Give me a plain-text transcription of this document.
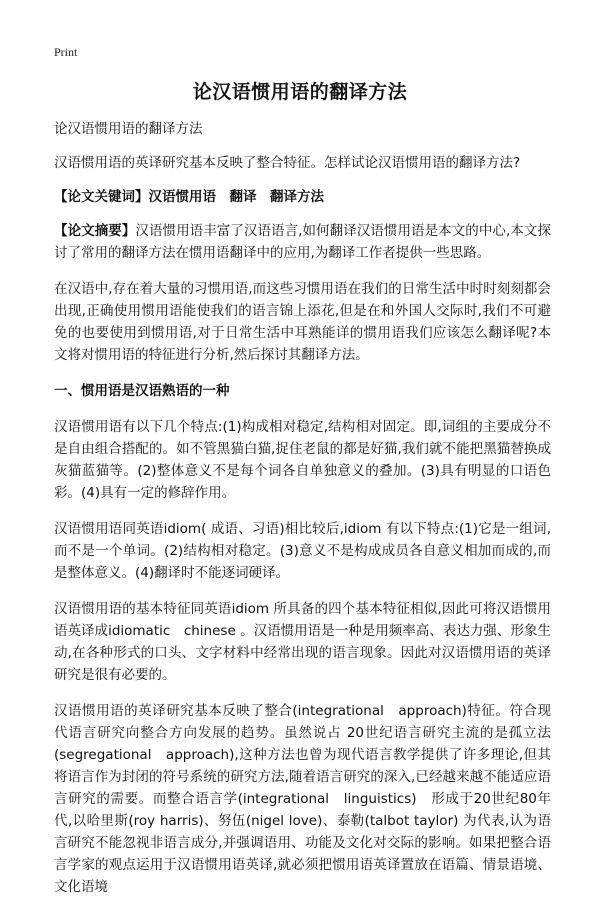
Print
论汉语惯用语的翻译方法

论汉语惯用语的翻译方法

汉语惯用语的英译研究基本反映了整合特征。怎样试论汉语惯用语的翻译方法?

【论文关键词】汉语惯用语　翻译　翻译方法

【论文摘要】汉语惯用语丰富了汉语语言,如何翻译汉语惯用语是本文的中心,本文探讨了常用的翻译方法在惯用语翻译中的应用,为翻译工作者提供一些思路。

在汉语中,存在着大量的习惯用语,而这些习惯用语在我们的日常生活中时时刻刻都会出现,正确使用惯用语能使我们的语言锦上添花,但是在和外国人交际时,我们不可避免的也要使用到惯用语,对于日常生活中耳熟能详的惯用语我们应该怎么翻译呢?本文将对惯用语的特征进行分析,然后探讨其翻译方法。

一、惯用语是汉语熟语的一种

汉语惯用语有以下几个特点:(1)构成相对稳定,结构相对固定。即,词组的主要成分不是自由组合搭配的。如不管黑猫白猫,捉住老鼠的都是好猫,我们就不能把黑猫替换成灰猫蓝猫等。(2)整体意义不是每个词各自单独意义的叠加。(3)具有明显的口语色彩。(4)具有一定的修辞作用。

汉语惯用语同英语idiom( 成语、习语)相比较后,idiom 有以下特点:(1)它是一组词,而不是一个单词。(2)结构相对稳定。(3)意义不是构成成员各自意义相加而成的,而是整体意义。(4)翻译时不能逐词硬译。

汉语惯用语的基本特征同英语idiom 所具备的四个基本特征相似,因此可将汉语惯用语英译成idiomatic　chinese 。汉语惯用语是一种是用频率高、表达力强、形象生动,在各种形式的口头、文字材料中经常出现的语言现象。因此对汉语惯用语的英译研究是很有必要的。

汉语惯用语的英译研究基本反映了整合(integrational　approach)特征。符合现代语言研究向整合方向发展的趋势。虽然说占 20世纪语言研究主流的是孤立法(segregational　approach),这种方法也曾为现代语言教学提供了许多理论,但其将语言作为封闭的符号系统的研究方法,随着语言研究的深入,已经越来越不能适应语言研究的需要。而整合语言学(integrational　linguistics)　形成于20世纪80年代,以哈里斯(roy harris)、努伍(nigel love)、泰勒(talbot taylor) 为代表,认为语言研究不能忽视非语言成分,并强调语用、功能及文化对交际的影响。如果把整合语言学家的观点运用于汉语惯用语英译,就必须把惯用语英译置放在语篇、情景语境、文化语境
